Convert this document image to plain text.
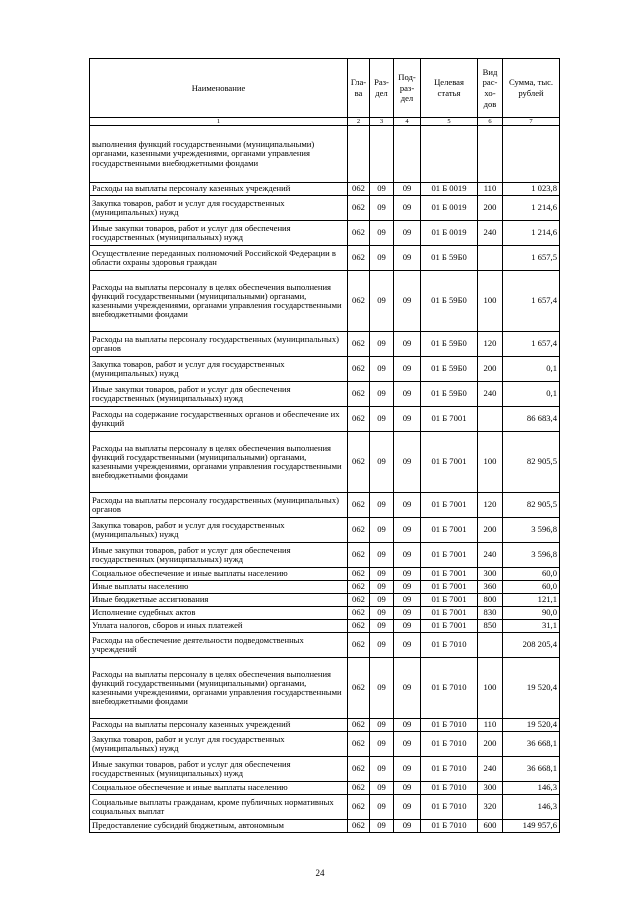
Наименование	Гла-ва	Раз-дел	Под-раз-дел	Целевая статья	Вид рас-хо-дов	Сумма, тыс. рублей
1	2	3	4	5	6	7
выполнения функций государственными (муниципальными) органами, казенными учреждениями, органами управления государственными внебюджетными фондами						
Расходы на выплаты персоналу казенных учреждений	062	09	09	01 Б 0019	110	1 023,8
Закупка товаров, работ и услуг для государственных (муниципальных) нужд	062	09	09	01 Б 0019	200	1 214,6
Иные закупки товаров, работ и услуг для обеспечения государственных (муниципальных) нужд	062	09	09	01 Б 0019	240	1 214,6
Осуществление переданных полномочий Российской Федерации в области охраны здоровья граждан	062	09	09	01 Б 59Б0		1 657,5
Расходы на выплаты персоналу в целях обеспечения выполнения функций государственными (муниципальными) органами, казенными учреждениями, органами управления государственными внебюджетными фондами	062	09	09	01 Б 59Б0	100	1 657,4
Расходы на выплаты персоналу государственных (муниципальных) органов	062	09	09	01 Б 59Б0	120	1 657,4
Закупка товаров, работ и услуг для государственных (муниципальных) нужд	062	09	09	01 Б 59Б0	200	0,1
Иные закупки товаров, работ и услуг для обеспечения государственных (муниципальных) нужд	062	09	09	01 Б 59Б0	240	0,1
Расходы на содержание государственных органов и обеспечение их функций	062	09	09	01 Б 7001		86 683,4
Расходы на выплаты персоналу в целях обеспечения выполнения функций государственными (муниципальными) органами, казенными учреждениями, органами управления государственными внебюджетными фондами	062	09	09	01 Б 7001	100	82 905,5
Расходы на выплаты персоналу государственных (муниципальных) органов	062	09	09	01 Б 7001	120	82 905,5
Закупка товаров, работ и услуг для государственных (муниципальных) нужд	062	09	09	01 Б 7001	200	3 596,8
Иные закупки товаров, работ и услуг для обеспечения государственных (муниципальных) нужд	062	09	09	01 Б 7001	240	3 596,8
Социальное обеспечение и иные выплаты населению	062	09	09	01 Б 7001	300	60,0
Иные выплаты населению	062	09	09	01 Б 7001	360	60,0
Иные бюджетные ассигнования	062	09	09	01 Б 7001	800	121,1
Исполнение судебных актов	062	09	09	01 Б 7001	830	90,0
Уплата налогов, сборов и иных платежей	062	09	09	01 Б 7001	850	31,1
Расходы на обеспечение деятельности подведомственных учреждений	062	09	09	01 Б 7010		208 205,4
Расходы на выплаты персоналу в целях обеспечения выполнения функций государственными (муниципальными) органами, казенными учреждениями, органами управления государственными внебюджетными фондами	062	09	09	01 Б 7010	100	19 520,4
Расходы на выплаты персоналу казенных учреждений	062	09	09	01 Б 7010	110	19 520,4
Закупка товаров, работ и услуг для государственных (муниципальных) нужд	062	09	09	01 Б 7010	200	36 668,1
Иные закупки товаров, работ и услуг для обеспечения государственных (муниципальных) нужд	062	09	09	01 Б 7010	240	36 668,1
Социальное обеспечение и иные выплаты населению	062	09	09	01 Б 7010	300	146,3
Социальные выплаты гражданам, кроме публичных нормативных социальных выплат	062	09	09	01 Б 7010	320	146,3
Предоставление субсидий бюджетным, автономным	062	09	09	01 Б 7010	600	149 957,6
24
